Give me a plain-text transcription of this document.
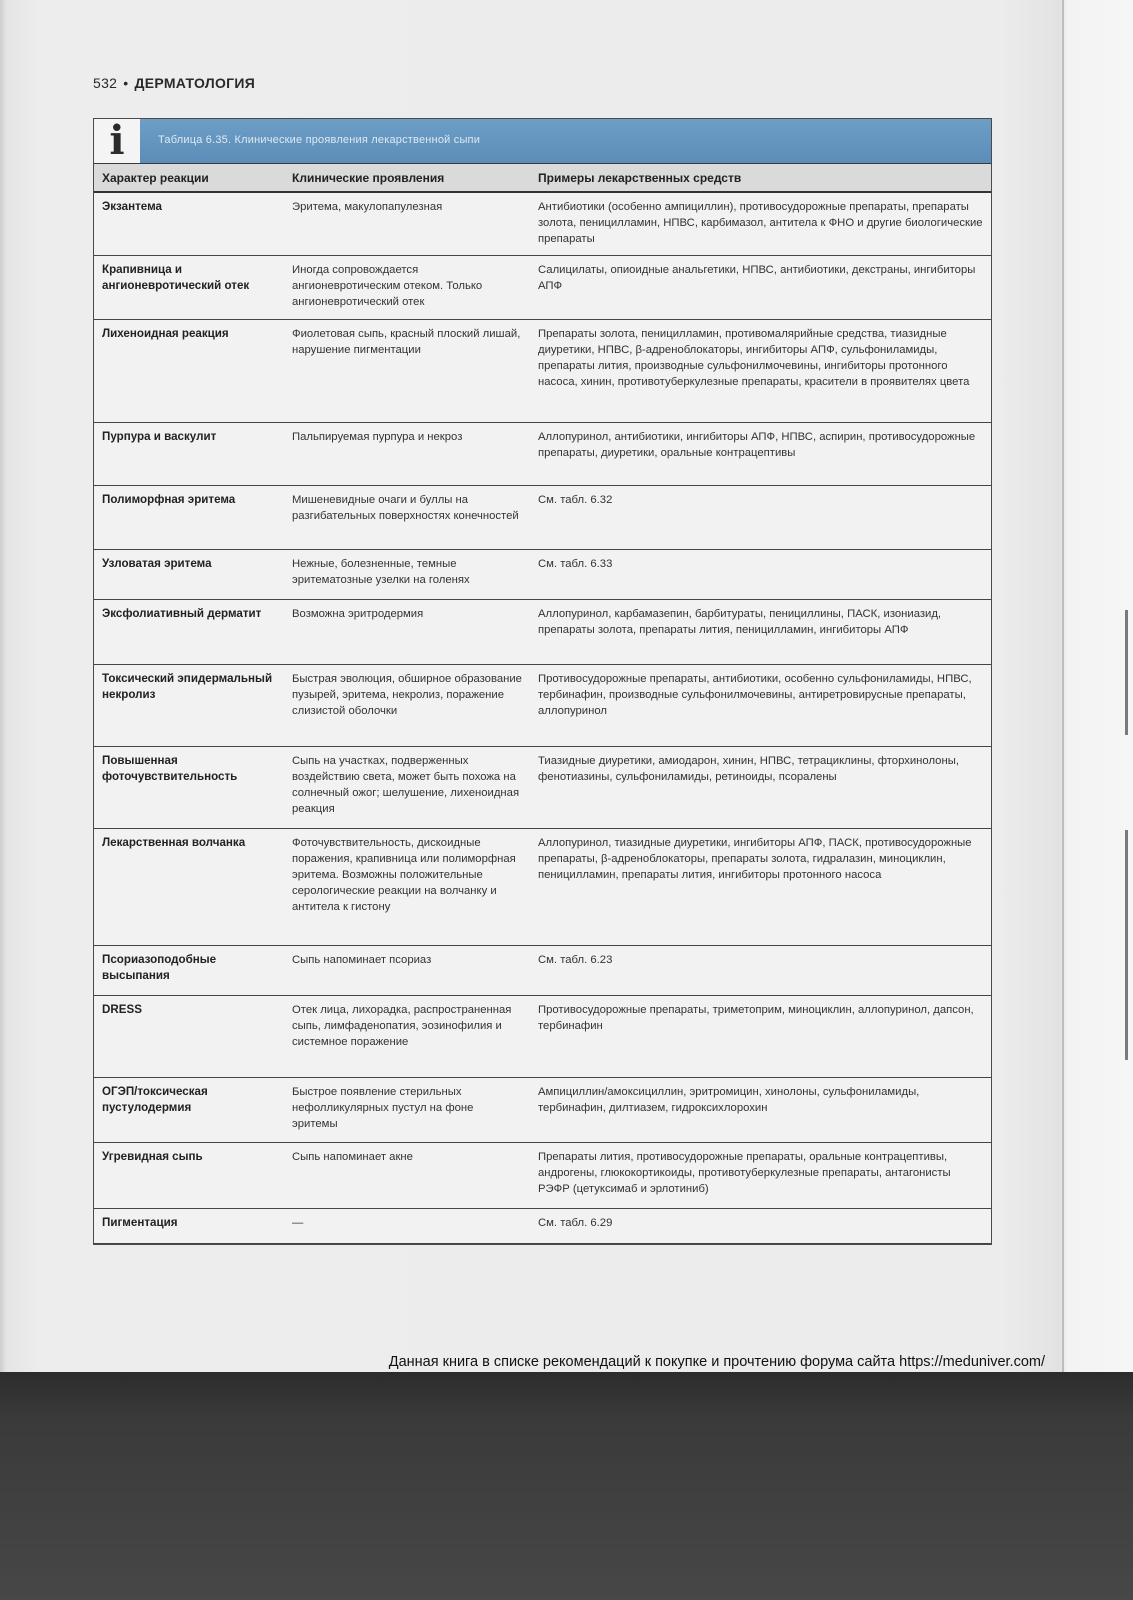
532 • ДЕРМАТОЛОГИЯ
i	Таблица 6.35. Клинические проявления лекарственной сыпи
Характер реакции	Клинические проявления	Примеры лекарственных средств
Экзантема	Эритема, макулопапулезная	Антибиотики (особенно ампициллин), противосудорожные препараты, препараты золота, пеницилламин, НПВС, карбимазол, антитела к ФНО и другие биологические препараты
Крапивница и ангионевротический отек	Иногда сопровождается ангионевротическим отеком. Только ангионевротический отек	Салицилаты, опиоидные анальгетики, НПВС, антибиотики, декстраны, ингибиторы АПФ
Лихеноидная реакция	Фиолетовая сыпь, красный плоский лишай, нарушение пигментации	Препараты золота, пеницилламин, противомалярийные средства, тиазидные диуретики, НПВС, β-адреноблокаторы, ингибиторы АПФ, сульфониламиды, препараты лития, производные сульфонилмочевины, ингибиторы протонного насоса, хинин, противотуберкулезные препараты, красители в проявителях цвета
Пурпура и васкулит	Пальпируемая пурпура и некроз	Аллопуринол, антибиотики, ингибиторы АПФ, НПВС, аспирин, противосудорожные препараты, диуретики, оральные контрацептивы
Полиморфная эритема	Мишеневидные очаги и буллы на разгибательных поверхностях конечностей	См. табл. 6.32
Узловатая эритема	Нежные, болезненные, темные эритематозные узелки на голенях	См. табл. 6.33
Эксфолиативный дерматит	Возможна эритродермия	Аллопуринол, карбамазепин, барбитураты, пенициллины, ПАСК, изониазид, препараты золота, препараты лития, пеницилламин, ингибиторы АПФ
Токсический эпидермальный некролиз	Быстрая эволюция, обширное образование пузырей, эритема, некролиз, поражение слизистой оболочки	Противосудорожные препараты, антибиотики, особенно сульфониламиды, НПВС, тербинафин, производные сульфонилмочевины, антиретровирусные препараты, аллопуринол
Повышенная фоточувствительность	Сыпь на участках, подверженных воздействию света, может быть похожа на солнечный ожог; шелушение, лихеноидная реакция	Тиазидные диуретики, амиодарон, хинин, НПВС, тетрациклины, фторхинолоны, фенотиазины, сульфониламиды, ретиноиды, псоралены
Лекарственная волчанка	Фоточувствительность, дискоидные поражения, крапивница или полиморфная эритема. Возможны положительные серологические реакции на волчанку и антитела к гистону	Аллопуринол, тиазидные диуретики, ингибиторы АПФ, ПАСК, противосудорожные препараты, β-адреноблокаторы, препараты золота, гидралазин, миноциклин, пеницилламин, препараты лития, ингибиторы протонного насоса
Псориазоподобные высыпания	Сыпь напоминает псориаз	См. табл. 6.23
DRESS	Отек лица, лихорадка, распространенная сыпь, лимфаденопатия, эозинофилия и системное поражение	Противосудорожные препараты, триметоприм, миноциклин, аллопуринол, дапсон, тербинафин
ОГЭП/токсическая пустулодермия	Быстрое появление стерильных нефолликулярных пустул на фоне эритемы	Ампициллин/амоксициллин, эритромицин, хинолоны, сульфониламиды, тербинафин, дилтиазем, гидроксихлорохин
Угревидная сыпь	Сыпь напоминает акне	Препараты лития, противосудорожные препараты, оральные контрацептивы, андрогены, глюкокортикоиды, противотуберкулезные препараты, антагонисты РЭФР (цетуксимаб и эрлотиниб)
Пигментация	—	См. табл. 6.29
Данная книга в списке рекомендаций к покупке и прочтению форума сайта https://meduniver.com/
